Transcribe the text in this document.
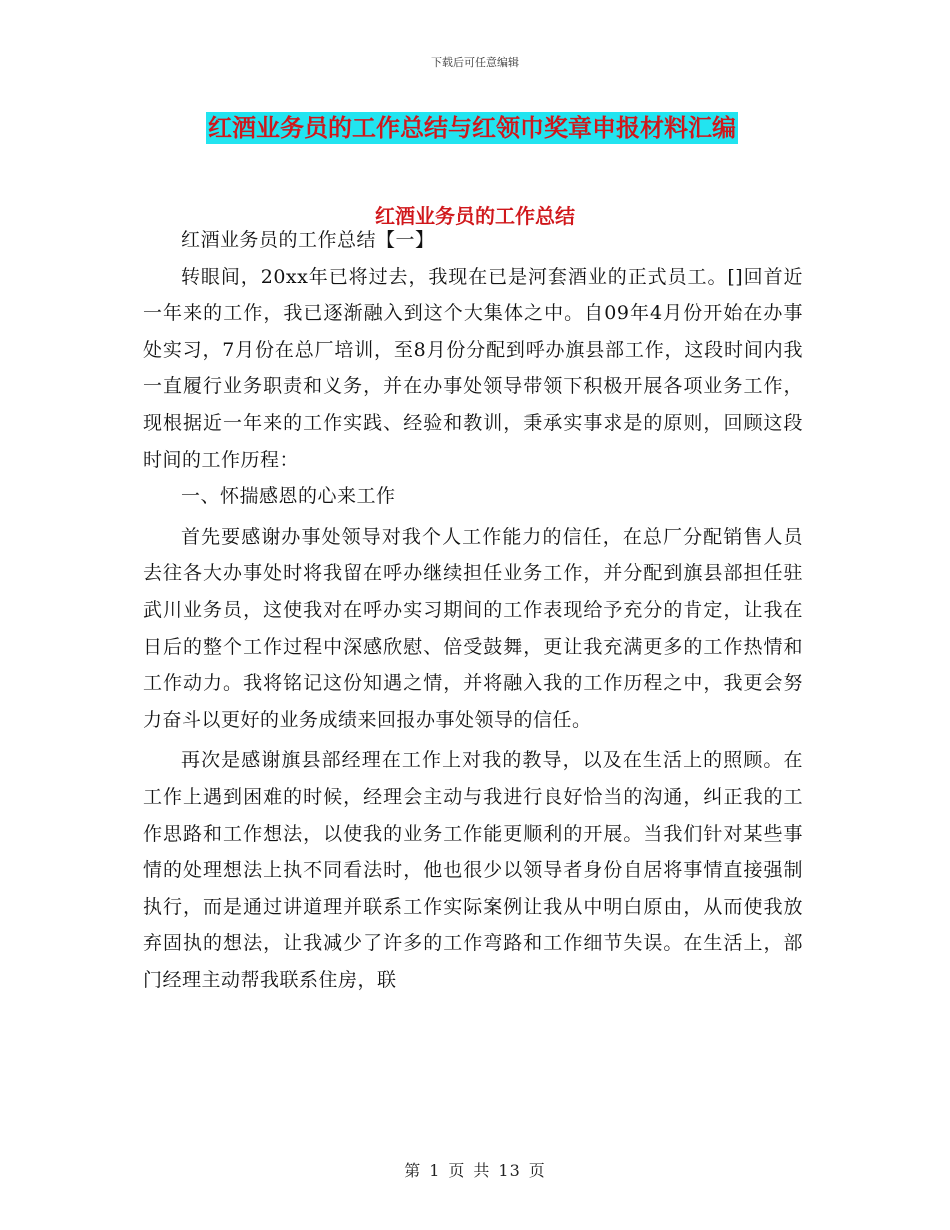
下载后可任意编辑
红酒业务员的工作总结与红领巾奖章申报材料汇编
红酒业务员的工作总结

红酒业务员的工作总结【一】

转眼间，20xx年已将过去，我现在已是河套酒业的正式员工。[]回首近一年来的工作，我已逐渐融入到这个大集体之中。自09年4月份开始在办事处实习，7月份在总厂培训，至8月份分配到呼办旗县部工作，这段时间内我一直履行业务职责和义务，并在办事处领导带领下积极开展各项业务工作，现根据近一年来的工作实践、经验和教训，秉承实事求是的原则，回顾这段时间的工作历程：

一、怀揣感恩的心来工作

首先要感谢办事处领导对我个人工作能力的信任，在总厂分配销售人员去往各大办事处时将我留在呼办继续担任业务工作，并分配到旗县部担任驻武川业务员，这使我对在呼办实习期间的工作表现给予充分的肯定，让我在日后的整个工作过程中深感欣慰、倍受鼓舞，更让我充满更多的工作热情和工作动力。我将铭记这份知遇之情，并将融入我的工作历程之中，我更会努力奋斗以更好的业务成绩来回报办事处领导的信任。

再次是感谢旗县部经理在工作上对我的教导，以及在生活上的照顾。在工作上遇到困难的时候，经理会主动与我进行良好恰当的沟通，纠正我的工作思路和工作想法，以使我的业务工作能更顺利的开展。当我们针对某些事情的处理想法上执不同看法时，他也很少以领导者身份自居将事情直接强制执行，而是通过讲道理并联系工作实际案例让我从中明白原由，从而使我放弃固执的想法，让我减少了许多的工作弯路和工作细节失误。在生活上，部门经理主动帮我联系住房，联

第 1 页 共 13 页
